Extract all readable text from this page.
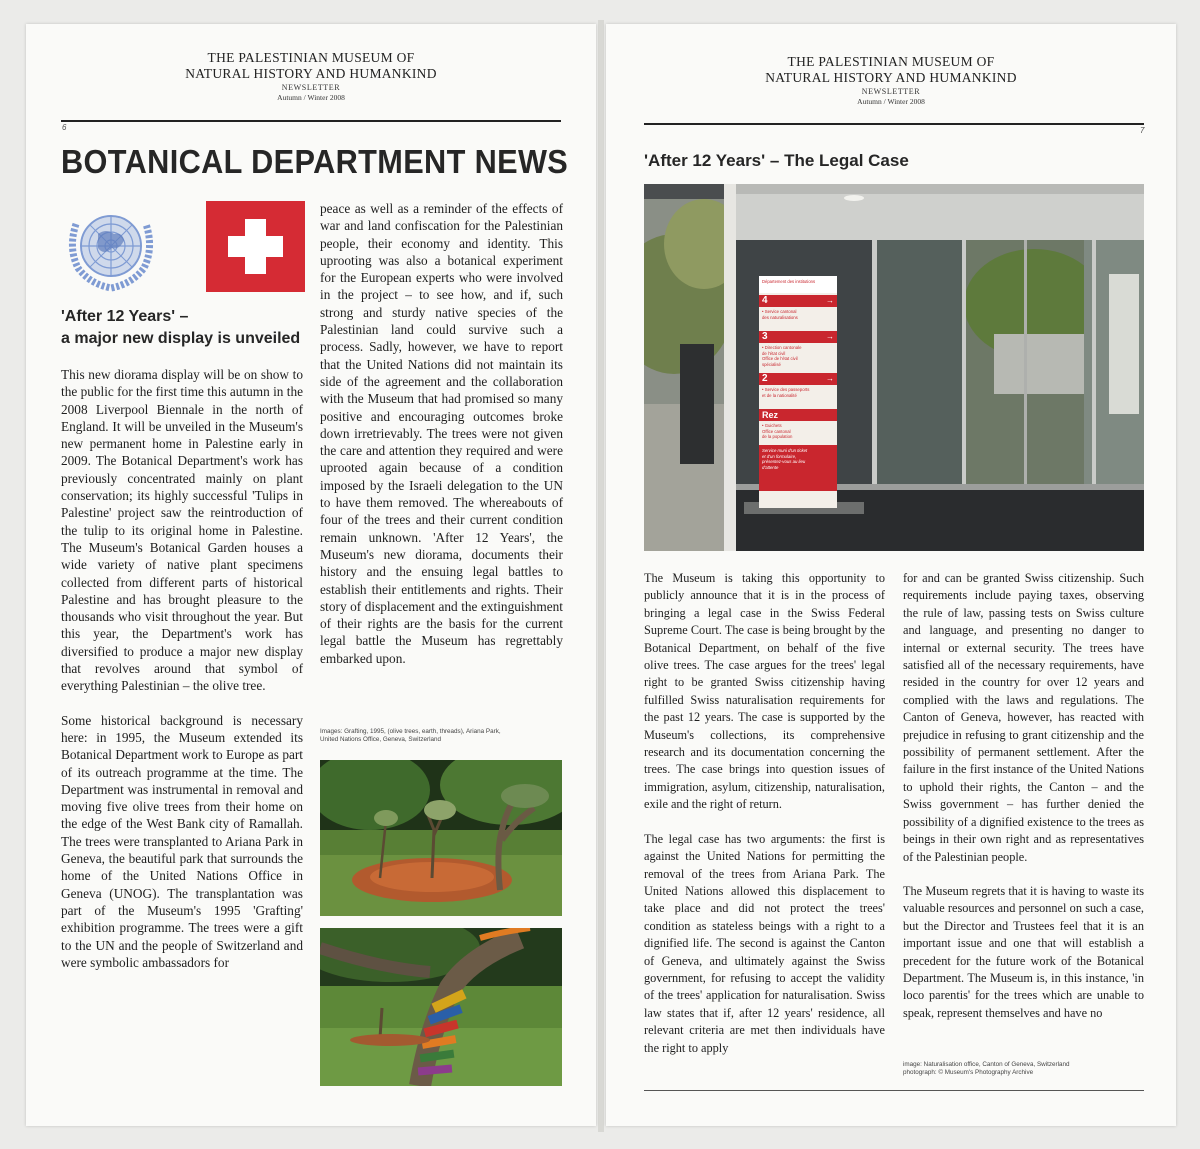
THE PALESTINIAN MUSEUM OF
NATURAL HISTORY AND HUMANKIND
NEWSLETTER
Autumn / Winter 2008
6
BOTANICAL DEPARTMENT NEWS
'After 12 Years' –
a major new display is unveiled

This new diorama display will be on show to the public for the first time this autumn in the 2008 Liverpool Biennale in the north of England. It will be unveiled in the Museum's new permanent home in Palestine early in 2009. The Botanical Department's work has previously concentrated mainly on plant conservation; its highly successful 'Tulips in Palestine' project saw the reintroduction of the tulip to its original home in Palestine. The Museum's Botanical Garden houses a wide variety of native plant specimens collected from different parts of historical Palestine and has brought pleasure to the thousands who visit throughout the year. But this year, the Department's work has diversified to produce a major new display that revolves around that symbol of everything Palestinian – the olive tree.

Some historical background is necessary here: in 1995, the Museum extended its Botanical Department work to Europe as part of its outreach programme at the time. The Department was instrumental in removal and moving five olive trees from their home on the edge of the West Bank city of Ramallah. The trees were transplanted to Ariana Park in Geneva, the beautiful park that surrounds the home of the United Nations Office in Geneva (UNOG). The transplantation was part of the Museum's 1995 'Grafting' exhibition programme. The trees were a gift to the UN and the people of Switzerland and were symbolic ambassadors for

peace as well as a reminder of the effects of war and land confiscation for the Palestinian people, their economy and identity. This uprooting was also a botanical experiment for the European experts who were involved in the project – to see how, and if, such strong and sturdy native species of the Palestinian land could survive such a process. Sadly, however, we have to report that the United Nations did not maintain its side of the agreement and the collaboration with the Museum that had promised so many positive and encouraging outcomes broke down irretrievably. The trees were not given the care and attention they required and were uprooted again because of a condition imposed by the Israeli delegation to the UN to have them removed. The whereabouts of four of the trees and their current condition remain unknown. 'After 12 Years', the Museum's new diorama, documents their history and the ensuing legal battles to establish their entitlements and rights. Their story of displacement and the extinguishment of their rights are the basis for the current legal battle the Museum has regrettably embarked upon.

Images: Grafting, 1995, (olive trees, earth, threads), Ariana Park,
United Nations Office, Geneva, Switzerland
THE PALESTINIAN MUSEUM OF
NATURAL HISTORY AND HUMANKIND
NEWSLETTER
Autumn / Winter 2008
7
'After 12 Years' – The Legal Case
Département des institutions
4	→
• Service cantonal
des naturalisations
3	→
• Direction cantonale
de l'état civil
Office de l'état civil
spécialisé
2	→
• Service des passeports
et de la nationalité
Rez
• Guichets
Office cantonal
de la population
Service muni d'un ticket
et d'un formulaire,
présentez-vous au lieu
d'attente

The Museum is taking this opportunity to publicly announce that it is in the process of bringing a legal case in the Swiss Federal Supreme Court. The case is being brought by the Botanical Department, on behalf of the five olive trees. The case argues for the trees' legal right to be granted Swiss citizenship having fulfilled Swiss naturalisation requirements for the past 12 years. The case is supported by the Museum's collections, its comprehensive research and its documentation concerning the trees. The case brings into question issues of immigration, asylum, citizenship, naturalisation, exile and the right of return.

The legal case has two arguments: the first is against the United Nations for permitting the removal of the trees from Ariana Park. The United Nations allowed this displacement to take place and did not protect the trees' condition as stateless beings with a right to a dignified life. The second is against the Canton of Geneva, and ultimately against the Swiss government, for refusing to accept the validity of the trees' application for naturalisation. Swiss law states that if, after 12 years' residence, all relevant criteria are met then individuals have the right to apply

for and can be granted Swiss citizenship. Such requirements include paying taxes, observing the rule of law, passing tests on Swiss culture and language, and presenting no danger to internal or external security. The trees have satisfied all of the necessary requirements, have resided in the country for over 12 years and complied with the laws and regulations. The Canton of Geneva, however, has reacted with prejudice in refusing to grant citizenship and the possibility of permanent settlement. After the failure in the first instance of the United Nations to uphold their rights, the Canton – and the Swiss government – has further denied the possibility of a dignified existence to the trees as beings in their own right and as representatives of the Palestinian people.

The Museum regrets that it is having to waste its valuable resources and personnel on such a case, but the Director and Trustees feel that it is an important issue and one that will establish a precedent for the future work of the Botanical Department. The Museum is, in this instance, 'in loco parentis' for the trees which are unable to speak, represent themselves and have no

image: Naturalisation office, Canton of Geneva, Switzerland
photograph: © Museum's Photography Archive
